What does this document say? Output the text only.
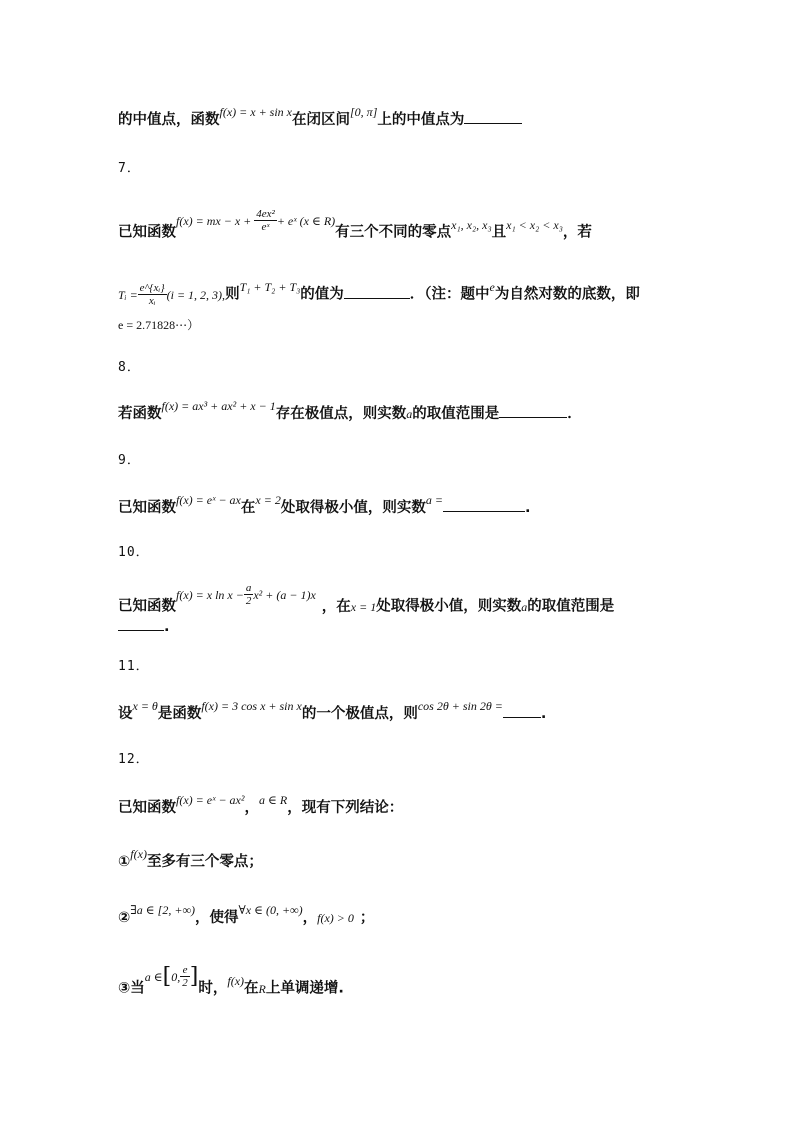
的中值点，函数$^{f(x) = x + sin x}$在闭区间[0, π]上的中值点为
7．
已知函数$^{f(x) = mx - x +} \frac{\text{4ex²}}{\text{eˣ}} ^{+ eˣ (x \in R)}$有三个不同的零点$^{x_1, x_2, x_3}$且$^{x_1 < x_2 < x_3}$，若
Tᵢ = $\frac{\text{e\textasciicircum{}\{xᵢ\}}}{\text{xᵢ}} (i = 1$, 2, 3),则$^{T_1 + T_2 + T_3}$的值为	．（注：题中$^e$为自然对数的底数，即
e = 2.71828⋯）
8．
若函数$^{f(x) = ax^3 + ax^2 + x - 1}$存在极值点，则实数a的取值范围是	．
9．
已知函数$^{f(x) = eˣ - ax}$在$^{x = 2}$处取得极小值，则实数$^{a =}$	.
10．
已知函数$^{f(x) = x ln x -} \frac{a}{2} ^{x^2 + (a - 1)x}$，在x = 1处取得极小值，则实数a的取值范围是
.
11．
设$^{x = \theta}$是函数$^{f(x) = 3 cos x + sin x}$的一个极值点，则$^{cos 2\theta + sin 2\theta =}$	.
12．
已知函数$^{f(x) = eˣ - ax^2}$，$^{a \in R}$，现有下列结论：
①$^{f(x)}$至多有三个零点；
②$^{\exists a \in [2, +\infty)}$，使得$^{\forall x \in (0, +\infty)}$，f(x) > 0 ；
③当$^{a \in}[^{0,} \frac{e}{2}$ ]时，$^{f(x)}$在R上单调递增.
